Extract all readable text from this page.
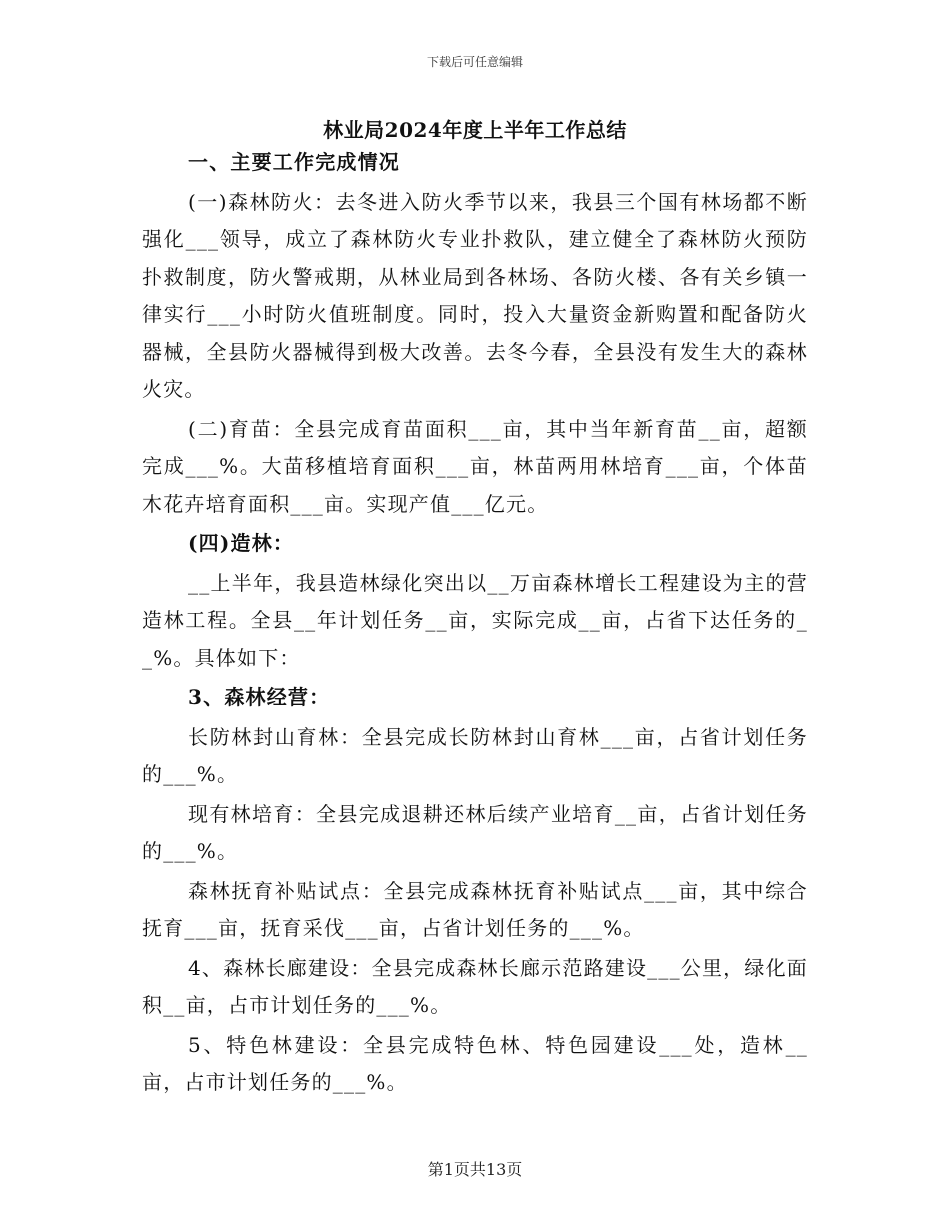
下载后可任意编辑
林业局2024年度上半年工作总结

一、主要工作完成情况

(一)森林防火：去冬进入防火季节以来，我县三个国有林场都不断强化___领导，成立了森林防火专业扑救队，建立健全了森林防火预防扑救制度，防火警戒期，从林业局到各林场、各防火楼、各有关乡镇一律实行___小时防火值班制度。同时，投入大量资金新购置和配备防火器械，全县防火器械得到极大改善。去冬今春，全县没有发生大的森林火灾。

(二)育苗：全县完成育苗面积___亩，其中当年新育苗__亩，超额完成___%。大苗移植培育面积___亩，林苗两用林培育___亩，个体苗木花卉培育面积___亩。实现产值___亿元。

(四)造林：

__上半年，我县造林绿化突出以__万亩森林增长工程建设为主的营造林工程。全县__年计划任务__亩，实际完成__亩，占省下达任务的__%。具体如下：

3、森林经营：

长防林封山育林：全县完成长防林封山育林___亩，占省计划任务的___%。

现有林培育：全县完成退耕还林后续产业培育__亩，占省计划任务的___%。

森林抚育补贴试点：全县完成森林抚育补贴试点___亩，其中综合抚育___亩，抚育采伐___亩，占省计划任务的___%。

4、森林长廊建设：全县完成森林长廊示范路建设___公里，绿化面积__亩，占市计划任务的___%。

5、特色林建设：全县完成特色林、特色园建设___处，造林__亩，占市计划任务的___%。

第1页共13页
